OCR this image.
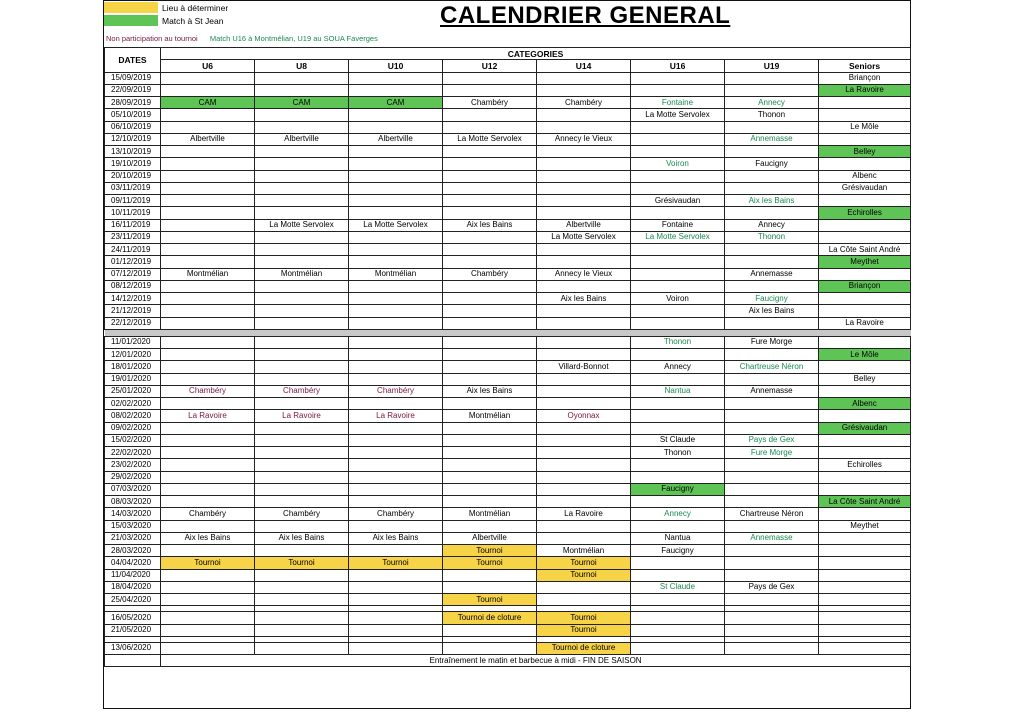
Lieu à déterminer
Match à St Jean	CALENDRIER GENERAL
Non participation au tournoi Match U16 à Montmélian, U19 au SOUA Faverges
DATES	CATEGORIES							
	U6	U8	U10	U12	U14	U16	U19	Seniors
15/09/2019								Briançon
22/09/2019								La Ravoire
28/09/2019	CAM	CAM	CAM	Chambéry	Chambéry	Fontaine	Annecy	
05/10/2019						La Motte Servolex	Thonon	
06/10/2019								Le Môle
12/10/2019	Albertville	Albertville	Albertville	La Motte Servolex	Annecy le Vieux		Annemasse	
13/10/2019								Belley
19/10/2019						Voiron	Faucigny	
20/10/2019								Albenc
03/11/2019								Grésivaudan
09/11/2019						Grésivaudan	Aix les Bains	
10/11/2019								Echirolles
16/11/2019		La Motte Servolex	La Motte Servolex	Aix les Bains	Albertville	Fontaine	Annecy	
23/11/2019					La Motte Servolex	La Motte Servolex	Thonon	
24/11/2019								La Côte Saint André
01/12/2019								Meythet
07/12/2019	Montmélian	Montmélian	Montmélian	Chambéry	Annecy le Vieux		Annemasse	
08/12/2019								Briançon
14/12/2019					Aix les Bains	Voiron	Faucigny	
21/12/2019							Aix les Bains	
22/12/2019								La Ravoire

11/01/2020						Thonon	Fure Morge	
12/01/2020								Le Môle
18/01/2020					Villard-Bonnot	Annecy	Chartreuse Néron	
19/01/2020								Belley
25/01/2020	Chambéry	Chambéry	Chambéry	Aix les Bains		Nantua	Annemasse	
02/02/2020								Albenc
08/02/2020	La Ravoire	La Ravoire	La Ravoire	Montmélian	Oyonnax			
09/02/2020								Grésivaudan
15/02/2020						St Claude	Pays de Gex	
22/02/2020						Thonon	Fure Morge	
23/02/2020								Echirolles
29/02/2020								
07/03/2020						Faucigny		
08/03/2020								La Côte Saint André
14/03/2020	Chambéry	Chambéry	Chambéry	Montmélian	La Ravoire	Annecy	Chartreuse Néron	
15/03/2020								Meythet
21/03/2020	Aix les Bains	Aix les Bains	Aix les Bains	Albertville		Nantua	Annemasse	
28/03/2020				Tournoi	Montmélian	Faucigny		
04/04/2020	Tournoi	Tournoi	Tournoi	Tournoi	Tournoi			
11/04/2020					Tournoi			
18/04/2020						St Claude	Pays de Gex	
25/04/2020				Tournoi				

16/05/2020				Tournoi de cloture	Tournoi			
21/05/2020					Tournoi			

13/06/2020					Tournoi de cloture			
	Entraînement le matin et barbecue à midi - FIN DE SAISON							
